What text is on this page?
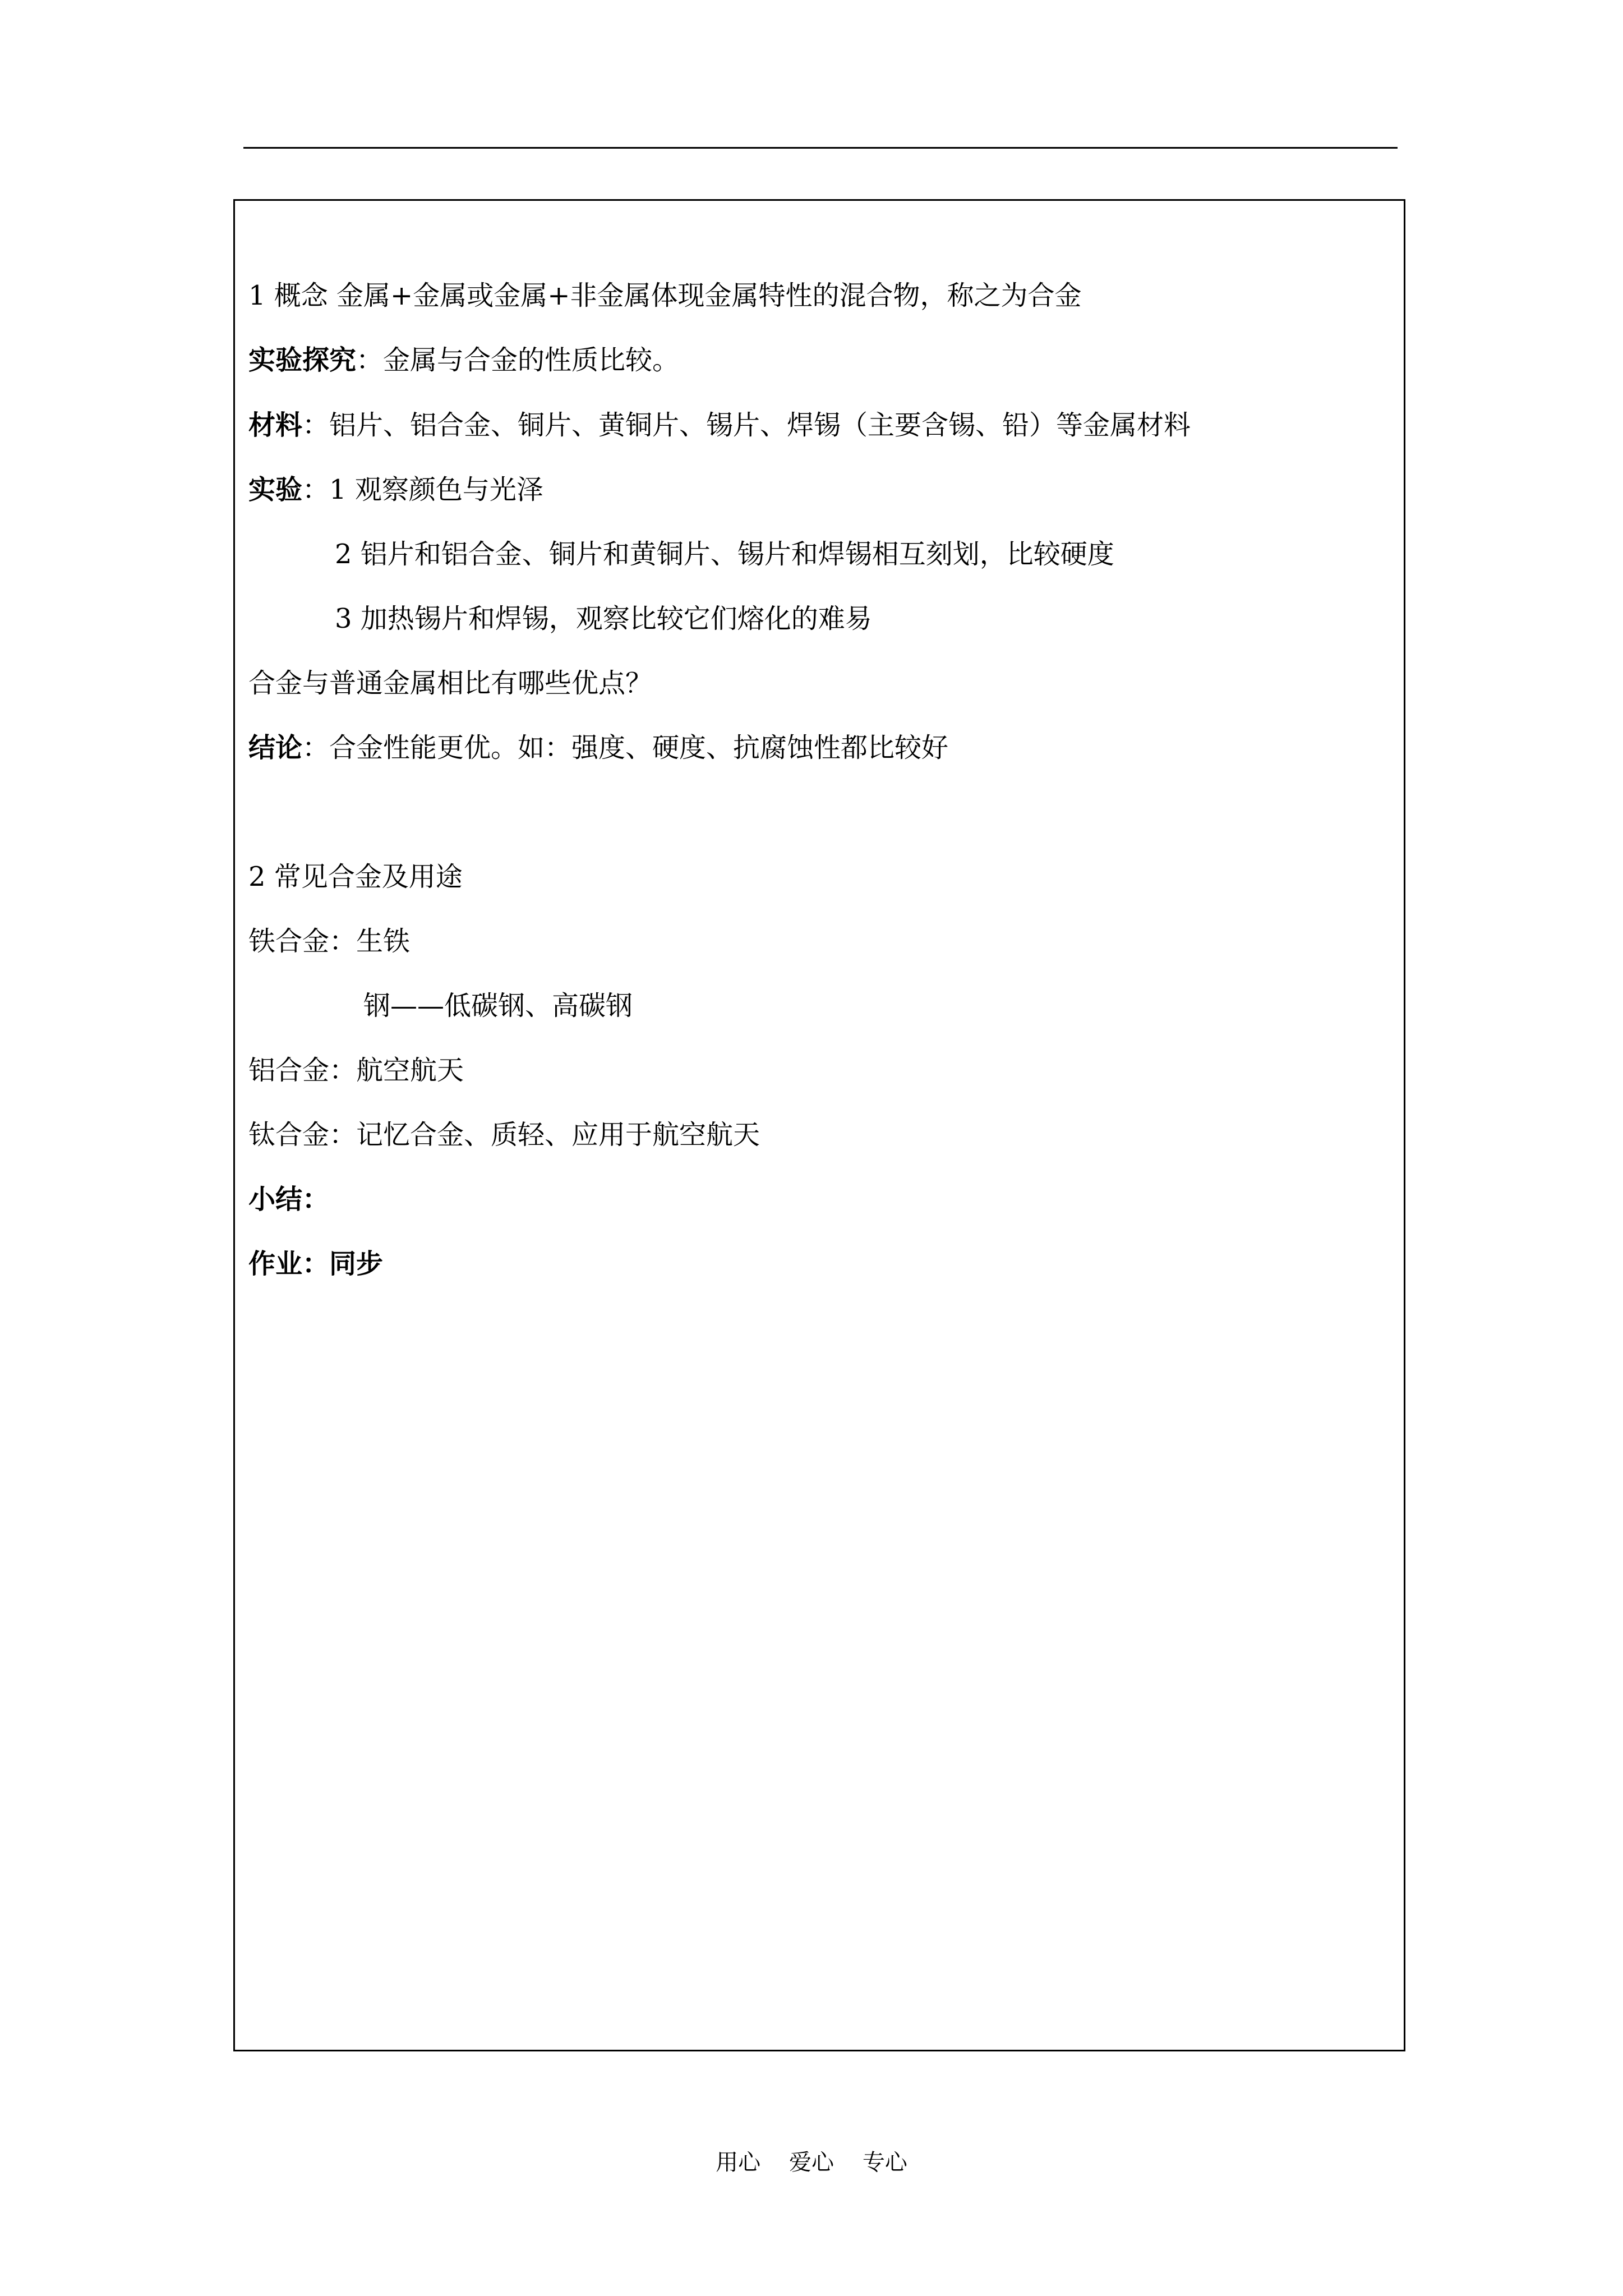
1 概念 金属+金属或金属+非金属体现金属特性的混合物，称之为合金
实验探究：金属与合金的性质比较。
材料：铝片、铝合金、铜片、黄铜片、锡片、焊锡（主要含锡、铅）等金属材料
实验：1 观察颜色与光泽
2 铝片和铝合金、铜片和黄铜片、锡片和焊锡相互刻划，比较硬度
3 加热锡片和焊锡，观察比较它们熔化的难易
合金与普通金属相比有哪些优点？
结论：合金性能更优。如：强度、硬度、抗腐蚀性都比较好
2 常见合金及用途
铁合金：生铁
钢——低碳钢、高碳钢
铝合金：航空航天
钛合金：记忆合金、质轻、应用于航空航天
小结：
作业：同步
用心    爱心    专心
